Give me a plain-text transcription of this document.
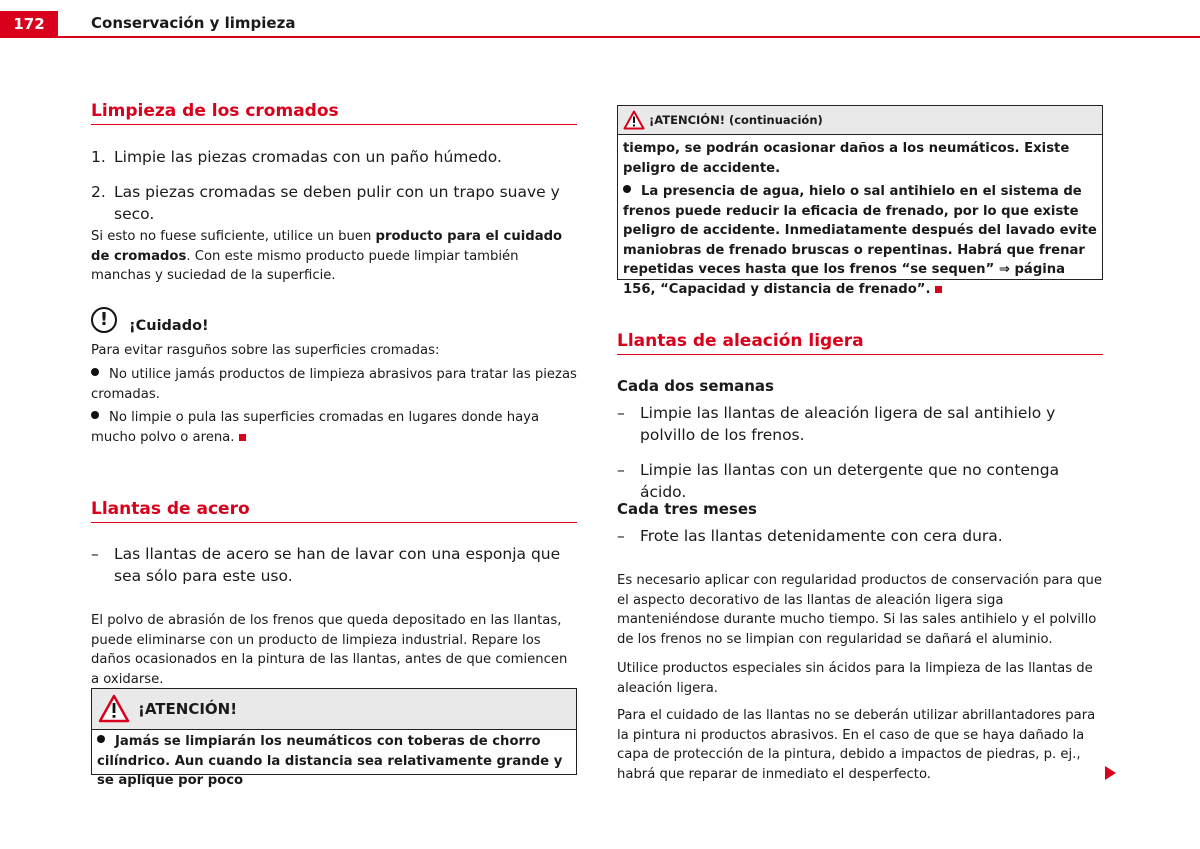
172	Conservación y limpieza
Limpieza de los cromados
1. Limpie las piezas cromadas con un paño húmedo.
2. Las piezas cromadas se deben pulir con un trapo suave y seco.
Si esto no fuese suficiente, utilice un buen producto para el cuidado de cromados. Con este mismo producto puede limpiar también manchas y suciedad de la superficie.
!	¡Cuidado!
Para evitar rasguños sobre las superficies cromadas:
No utilice jamás productos de limpieza abrasivos para tratar las piezas cromadas.
No limpie o pula las superficies cromadas en lugares donde haya mucho polvo o arena.
Llantas de acero
– Las llantas de acero se han de lavar con una esponja que sea sólo para este uso.
El polvo de abrasión de los frenos que queda depositado en las llantas, puede eliminarse con un producto de limpieza industrial. Repare los daños ocasionados en la pintura de las llantas, antes de que comiencen a oxidarse.
¡ATENCIÓN!
Jamás se limpiarán los neumáticos con toberas de chorro cilíndrico. Aun cuando la distancia sea relativamente grande y se aplique por poco
¡ATENCIÓN! (continuación)
tiempo, se podrán ocasionar daños a los neumáticos. Existe peligro de accidente.
La presencia de agua, hielo o sal antihielo en el sistema de frenos puede reducir la eficacia de frenado, por lo que existe peligro de accidente. Inmediatamente después del lavado evite maniobras de frenado bruscas o repentinas. Habrá que frenar repetidas veces hasta que los frenos “se sequen” ⇒ página 156, “Capacidad y distancia de frenado”.
Llantas de aleación ligera
Cada dos semanas
– Limpie las llantas de aleación ligera de sal antihielo y polvillo de los frenos.
– Limpie las llantas con un detergente que no contenga ácido.
Cada tres meses
– Frote las llantas detenidamente con cera dura.
Es necesario aplicar con regularidad productos de conservación para que el aspecto decorativo de las llantas de aleación ligera siga manteniéndose durante mucho tiempo. Si las sales antihielo y el polvillo de los frenos no se limpian con regularidad se dañará el aluminio.
Utilice productos especiales sin ácidos para la limpieza de las llantas de aleación ligera.
Para el cuidado de las llantas no se deberán utilizar abrillantadores para la pintura ni productos abrasivos. En el caso de que se haya dañado la capa de protección de la pintura, debido a impactos de piedras, p. ej., habrá que reparar de inmediato el desperfecto.
